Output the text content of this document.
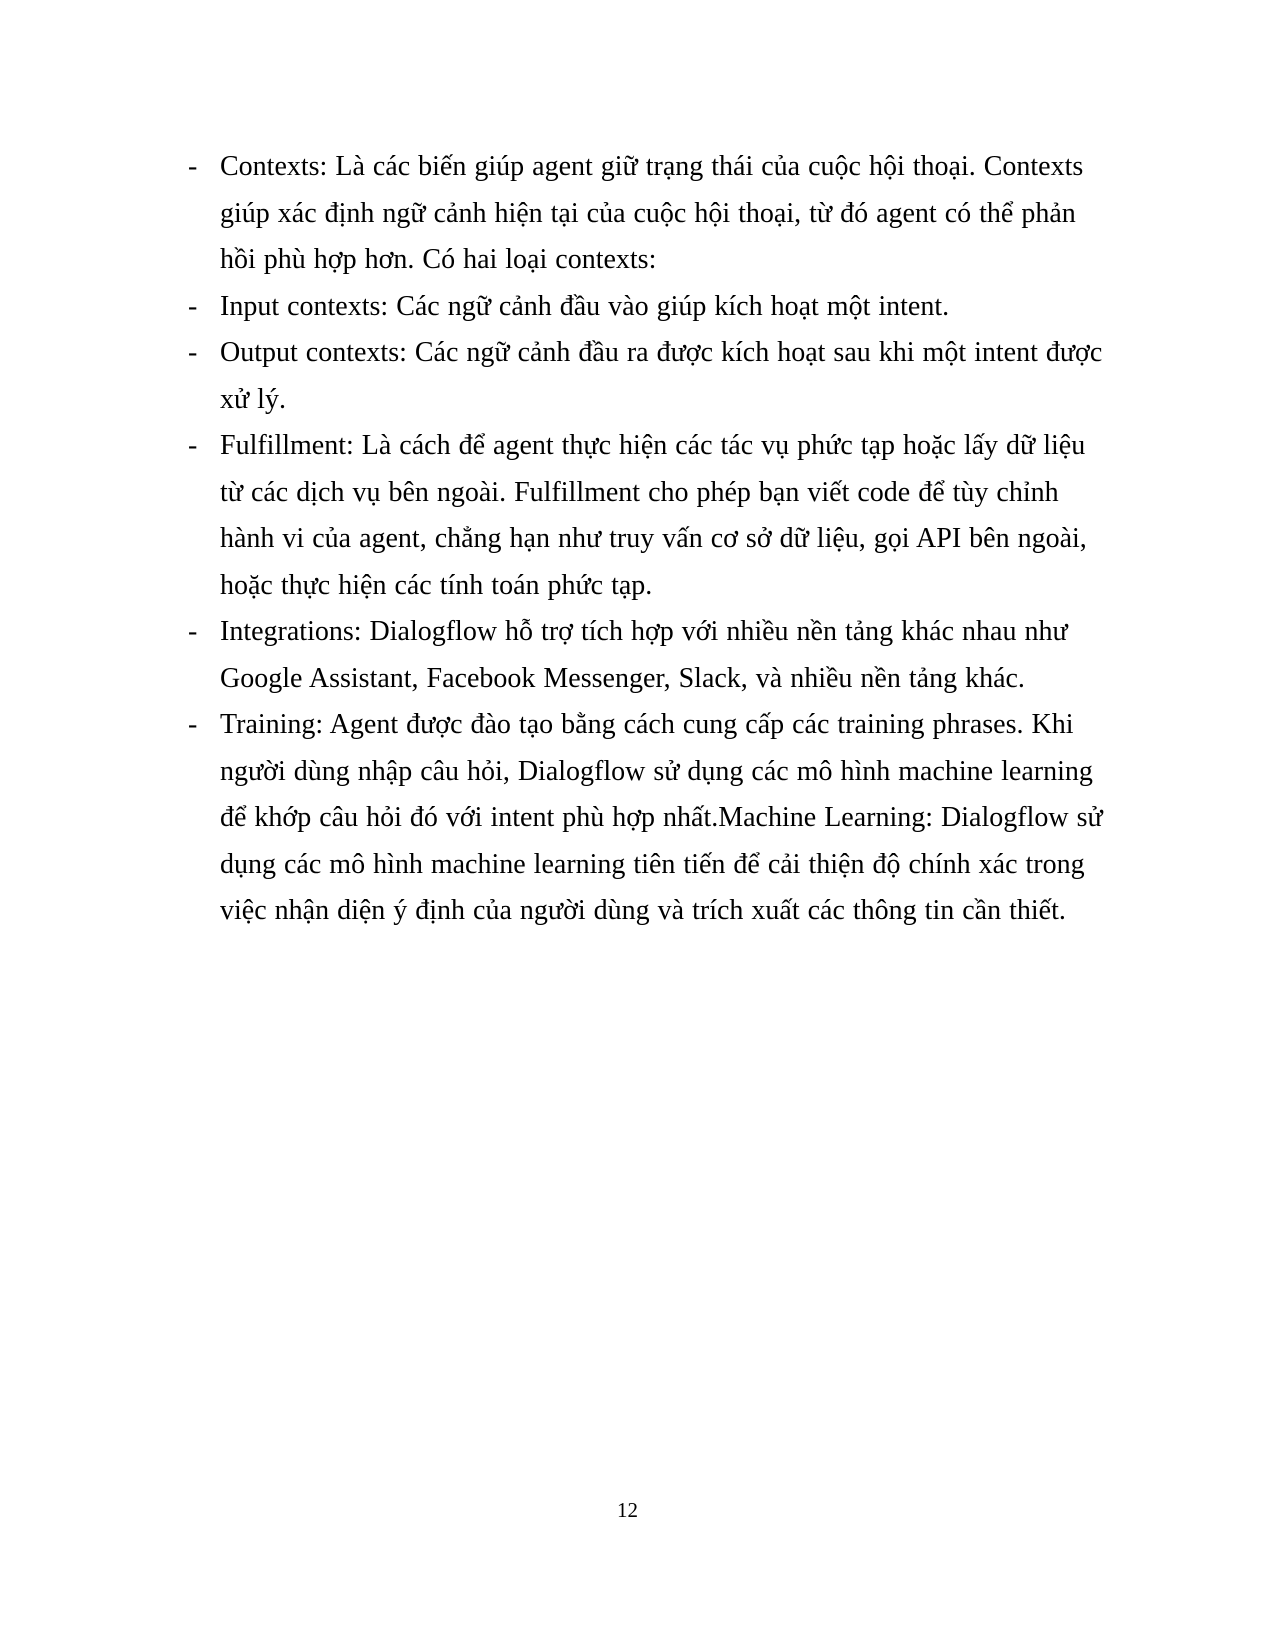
- Contexts: Là các biến giúp agent giữ trạng thái của cuộc hội thoại. Contexts giúp xác định ngữ cảnh hiện tại của cuộc hội thoại, từ đó agent có thể phản hồi phù hợp hơn. Có hai loại contexts:
- Input contexts: Các ngữ cảnh đầu vào giúp kích hoạt một intent.
- Output contexts: Các ngữ cảnh đầu ra được kích hoạt sau khi một intent được xử lý.
- Fulfillment: Là cách để agent thực hiện các tác vụ phức tạp hoặc lấy dữ liệu từ các dịch vụ bên ngoài. Fulfillment cho phép bạn viết code để tùy chỉnh hành vi của agent, chẳng hạn như truy vấn cơ sở dữ liệu, gọi API bên ngoài, hoặc thực hiện các tính toán phức tạp.
- Integrations: Dialogflow hỗ trợ tích hợp với nhiều nền tảng khác nhau như Google Assistant, Facebook Messenger, Slack, và nhiều nền tảng khác.
- Training: Agent được đào tạo bằng cách cung cấp các training phrases. Khi người dùng nhập câu hỏi, Dialogflow sử dụng các mô hình machine learning để khớp câu hỏi đó với intent phù hợp nhất.Machine Learning: Dialogflow sử dụng các mô hình machine learning tiên tiến để cải thiện độ chính xác trong việc nhận diện ý định của người dùng và trích xuất các thông tin cần thiết.
12
